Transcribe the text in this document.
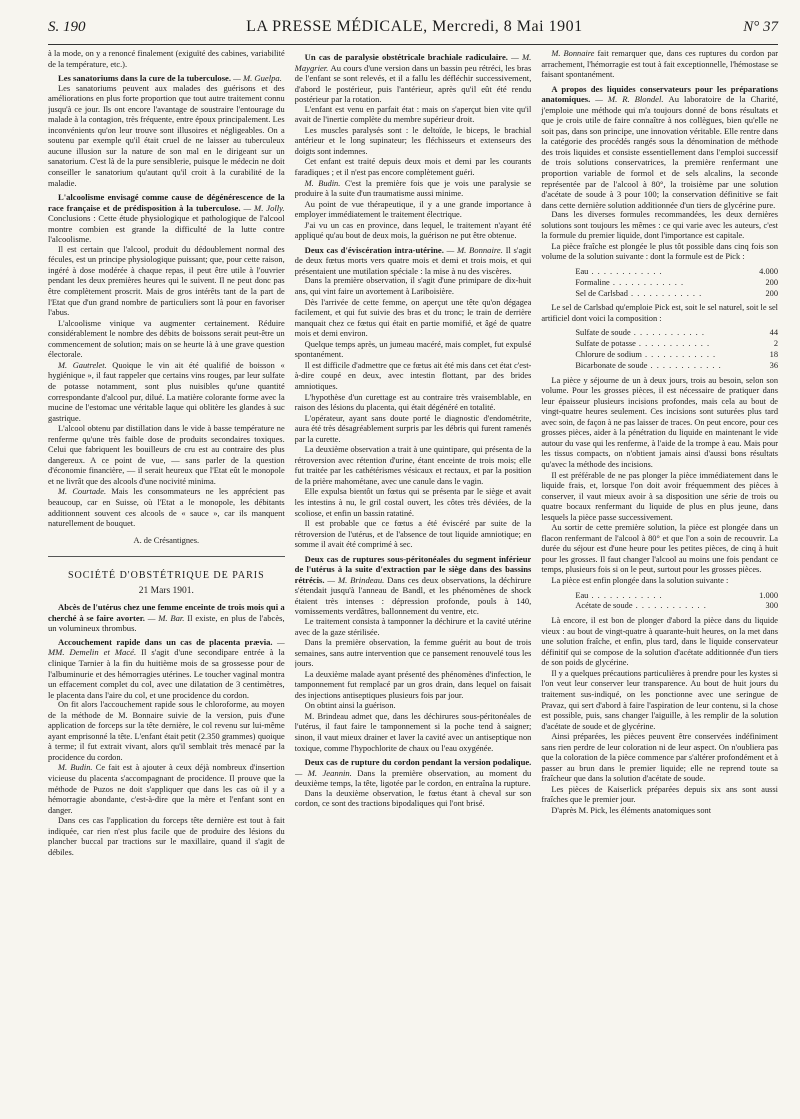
S. 190	LA PRESSE MÉDICALE, Mercredi, 8 Mai 1901	N° 37

à la mode, on y a renoncé finalement (exiguïté des cabines, variabilité de la température, etc.).

Les sanatoriums dans la cure de la tuberculose. — M. Guelpa.

Les sanatoriums peuvent aux malades des guérisons et des améliorations en plus forte proportion que tout autre traitement connu jusqu'à ce jour. Ils ont encore l'avantage de soustraire l'entourage du malade à la contagion, très fréquente, entre époux principalement. Les inconvénients qu'on leur trouve sont illusoires et négligeables. On a soutenu par exemple qu'il était cruel de ne laisser au tuberculeux aucune illusion sur la nature de son mal en le dirigeant sur un sanatorium. C'est là de la pure sensiblerie, puisque le médecin ne doit conseiller le sanatorium qu'autant qu'il croit à la curabilité de la maladie.

L'alcoolisme envisagé comme cause de dégénérescence de la race française et de prédisposition à la tuberculose. — M. Jolly. Conclusions : Cette étude physiologique et pathologique de l'alcool montre combien est grande la difficulté de la lutte contre l'alcoolisme.

Il est certain que l'alcool, produit du dédoublement normal des fécules, est un principe physiologique puissant; que, pour cette raison, ingéré à dose modérée à chaque repas, il peut être utile à l'ouvrier pendant les deux premières heures qui le suivent. Il ne peut donc pas être complètement proscrit. Mais de gros intérêts tant de la part de l'Etat que d'un grand nombre de particuliers sont là pour en favoriser l'abus.

L'alcoolisme vinique va augmenter certainement. Réduire considérablement le nombre des débits de boissons serait peut-être un commencement de solution; mais on se heurte là à une grave question électorale.

M. Gautrelet. Quoique le vin ait été qualifié de boisson « hygiénique », il faut rappeler que certains vins rouges, par leur sulfate de potasse notamment, sont plus nuisibles qu'une quantité correspondante d'alcool pur, dilué. La matière colorante forme avec la mucine de l'estomac une véritable laque qui oblitère les glandes à suc gastrique.

L'alcool obtenu par distillation dans le vide à basse température ne renferme qu'une très faible dose de produits secondaires toxiques. Celui que fabriquent les bouilleurs de cru est au contraire des plus dangereux. A ce point de vue, — sans parler de la question d'économie financière, — il serait heureux que l'Etat eût le monopole et ne livrât que des alcools d'une nocivité minima.

M. Courtade. Mais les consommateurs ne les apprécient pas beaucoup, car en Suisse, où l'Etat a le monopole, les débitants additionnent souvent ces alcools de « sauce », car ils manquent naturellement de bouquet.

A. de Crésantignes.
SOCIÉTÉ D'OBSTÉTRIQUE DE PARIS
21 Mars 1901.
Abcès de l'utérus chez une femme enceinte de trois mois qui a cherché à se faire avorter. — M. Bar. Il existe, en plus de l'abcès, un volumineux thrombus.
Accouchement rapide dans un cas de placenta prævia. — MM. Demelin et Macé. Il s'agit d'une secondipare entrée à la clinique Tarnier à la fin du huitième mois de sa grossesse pour de l'albuminurie et des hémorragies utérines. Le toucher vaginal montra un effacement complet du col, avec une dilatation de 3 centimètres, le placenta dans l'aire du col, et une procidence du cordon.

On fit alors l'accouchement rapide sous le chloroforme, au moyen de la méthode de M. Bonnaire suivie de la version, puis d'une application de forceps sur la tête dernière, le col revenu sur lui-même ayant emprisonné la tête. L'enfant était petit (2.350 grammes) quoique à terme; il fut extrait vivant, alors qu'il semblait très menacé par la procidence du cordon.

M. Budin. Ce fait est à ajouter à ceux déjà nombreux d'insertion vicieuse du placenta s'accompagnant de procidence. Il prouve que la méthode de Puzos ne doit s'appliquer que dans les cas où il y a hémorragie abondante, c'est-à-dire que la mère et l'enfant sont en danger.

Dans ces cas l'application du forceps tête dernière est tout à fait indiquée, car rien n'est plus facile que de produire des lésions du plancher buccal par tractions sur le maxillaire, quand il s'agit de débiles.

Un cas de paralysie obstétricale brachiale radiculaire. — M. Maygrier. Au cours d'une version dans un bassin peu rétréci, les bras de l'enfant se sont relevés, et il a fallu les défléchir successivement, d'abord le postérieur, puis l'antérieur, après qu'il eût été rendu postérieur par la rotation.

L'enfant est venu en parfait état : mais on s'aperçut bien vite qu'il avait de l'inertie complète du membre supérieur droit.

Les muscles paralysés sont : le deltoïde, le biceps, le brachial antérieur et le long supinateur; les fléchisseurs et extenseurs des doigts sont indemnes.

Cet enfant est traité depuis deux mois et demi par les courants faradiques ; et il n'est pas encore complètement guéri.

M. Budin. C'est la première fois que je vois une paralysie se produire à la suite d'un traumatisme aussi minime.

Au point de vue thérapeutique, il y a une grande importance à employer immédiatement le traitement électrique.

J'ai vu un cas en province, dans lequel, le traitement n'ayant été appliqué qu'au bout de deux mois, la guérison ne put être obtenue.

Deux cas d'éviscération intra-utérine. — M. Bonnaire. Il s'agit de deux fœtus morts vers quatre mois et demi et trois mois, et qui présentaient une mutilation spéciale : la mise à nu des viscères.

Dans la première observation, il s'agit d'une primipare de dix-huit ans, qui vint faire un avortement à Lariboisière.

Dès l'arrivée de cette femme, on aperçut une tête qu'on dégagea facilement, et qui fut suivie des bras et du tronc; le train de derrière manquait chez ce fœtus qui était en partie momifié, et âgé de quatre mois et demi environ.

Quelque temps après, un jumeau macéré, mais complet, fut expulsé spontanément.

Il est difficile d'admettre que ce fœtus ait été mis dans cet état c'est-à-dire coupé en deux, avec intestin flottant, par des brides amniotiques.

L'hypothèse d'un curettage est au contraire très vraisemblable, en raison des lésions du placenta, qui était dégénéré en totalité.

L'opérateur, ayant sans doute porté le diagnostic d'endométrite, aura été très désagréablement surpris par les débris qui furent ramenés par la curette.

La deuxième observation a trait à une quintipare, qui présenta de la rétroversion avec rétention d'urine, étant enceinte de trois mois; elle fut traitée par les cathétérismes vésicaux et rectaux, et par la position de la prière mahométane, avec une canule dans le vagin.

Elle expulsa bientôt un fœtus qui se présenta par le siège et avait les intestins à nu, le gril costal ouvert, les côtes très déviées, de la scoliose, et enfin un bassin ratatiné.

Il est probable que ce fœtus a été éviscéré par suite de la rétroversion de l'utérus, et de l'absence de tout liquide amniotique; en somme il avait été comprimé à sec.

Deux cas de ruptures sous-péritonéales du segment inférieur de l'utérus à la suite d'extraction par le siège dans des bassins rétrécis. — M. Brindeau. Dans ces deux observations, la déchirure s'étendait jusqu'à l'anneau de Bandl, et les phénomènes de shock étaient très intenses : dépression profonde, pouls à 140, vomissements verdâtres, ballonnement du ventre, etc.

Le traitement consista à tamponner la déchirure et la cavité utérine avec de la gaze stérilisée.

Dans la première observation, la femme guérit au bout de trois semaines, sans autre intervention que ce pansement renouvelé tous les jours.

La deuxième malade ayant présenté des phénomènes d'infection, le tamponnement fut remplacé par un gros drain, dans lequel on faisait des injections antiseptiques plusieurs fois par jour.

On obtint ainsi la guérison.

M. Brindeau admet que, dans les déchirures sous-péritonéales de l'utérus, il faut faire le tamponnement si la poche tend à saigner; sinon, il vaut mieux drainer et laver la cavité avec un antiseptique non toxique, comme l'hypochlorite de chaux ou l'eau oxygénée.

Deux cas de rupture du cordon pendant la version podalique. — M. Jeannin. Dans la première observation, au moment du deuxième temps, la tête, ligotée par le cordon, en entraîna la rupture.

Dans la deuxième observation, le fœtus étant à cheval sur son cordon, ce sont des tractions bipodaliques qui l'ont brisé.

M. Bonnaire fait remarquer que, dans ces ruptures du cordon par arrachement, l'hémorragie est tout à fait exceptionnelle, l'hémostase se faisant spontanément.

A propos des liquides conservateurs pour les préparations anatomiques. — M. R. Blondel. Au laboratoire de la Charité, j'emploie une méthode qui m'a toujours donné de bons résultats et que je crois utile de faire connaître à nos collègues, bien qu'elle ne soit pas, dans son principe, une innovation véritable. Elle rentre dans la catégorie des procédés rangés sous la dénomination de méthode des trois liquides et consiste essentiellement dans l'emploi successif de trois solutions conservatrices, la première renfermant une proportion variable de formol et de sels alcalins, la seconde représentée par de l'alcool à 80°, la troisième par une solution d'acétate de soude à 3 pour 100; la conservation définitive se fait dans cette dernière solution additionnée d'un tiers de glycérine pure.

Dans les diverses formules recommandées, les deux dernières solutions sont toujours les mêmes : ce qui varie avec les auteurs, c'est la formule du premier liquide, dont l'importance est capitale.

La pièce fraîche est plongée le plus tôt possible dans cinq fois son volume de la solution suivante : dont la formule est de Pick :

Eau . . .	4.000
Formaline . . .	200
Sel de Carlsbad . . .	200

Le sel de Carlsbad qu'emploie Pick est, soit le sel naturel, soit le sel artificiel dont voici la composition :

Sulfate de soude . . .	44
Sulfate de potasse . . .	2
Chlorure de sodium . . .	18
Bicarbonate de soude . . .	36

La pièce y séjourne de un à deux jours, trois au besoin, selon son volume. Pour les grosses pièces, il est nécessaire de pratiquer dans leur épaisseur plusieurs incisions profondes, mais cela au bout de vingt-quatre heures seulement. Ces incisions sont suturées plus tard avec soin, de façon à ne pas laisser de traces. On peut encore, pour ces grosses pièces, aider à la pénétration du liquide en maintenant le vide autour du vase qui les renferme, à l'aide de la trompe à eau. Mais pour les tissus compacts, on n'obtient jamais ainsi d'aussi bons résultats qu'avec la méthode des incisions.

Il est préférable de ne pas plonger la pièce immédiatement dans le liquide frais, et, lorsque l'on doit avoir fréquemment des pièces à conserver, il vaut mieux avoir à sa disposition une série de trois ou quatre bocaux renfermant du liquide de plus en plus jeune, dans lesquels la pièce passe successivement.

Au sortir de cette première solution, la pièce est plongée dans un flacon renfermant de l'alcool à 80° et que l'on a soin de recouvrir. La durée du séjour est d'une heure pour les petites pièces, de cinq à huit pour les grosses. Il faut changer l'alcool au moins une fois pendant ce temps, plusieurs fois si on le peut, surtout pour les grosses pièces.

La pièce est enfin plongée dans la solution suivante :

Eau . . .	1.000
Acétate de soude . . .	300

Là encore, il est bon de plonger d'abord la pièce dans du liquide vieux : au bout de vingt-quatre à quarante-huit heures, on la met dans une solution fraîche, et enfin, plus tard, dans le liquide conservateur définitif qui se compose de la solution d'acétate additionnée d'un tiers de son poids de glycérine.

Il y a quelques précautions particulières à prendre pour les kystes si l'on veut leur conserver leur transparence. Au bout de huit jours du traitement sus-indiqué, on les ponctionne avec une seringue de Pravaz, qui sert d'abord à faire l'aspiration de leur contenu, si la chose est possible, puis, sans changer l'aiguille, à les remplir de la solution d'acétate de soude et de glycérine.

Ainsi préparées, les pièces peuvent être conservées indéfiniment sans rien perdre de leur coloration ni de leur aspect. On n'oubliera pas que la coloration de la pièce commence par s'altérer profondément et à passer au brun dans le premier liquide; elle ne reprend toute sa fraîcheur que dans la solution d'acétate de soude.

Les pièces de Kaiserlick préparées depuis six ans sont aussi fraîches que le premier jour.

D'après M. Pick, les éléments anatomiques sont
